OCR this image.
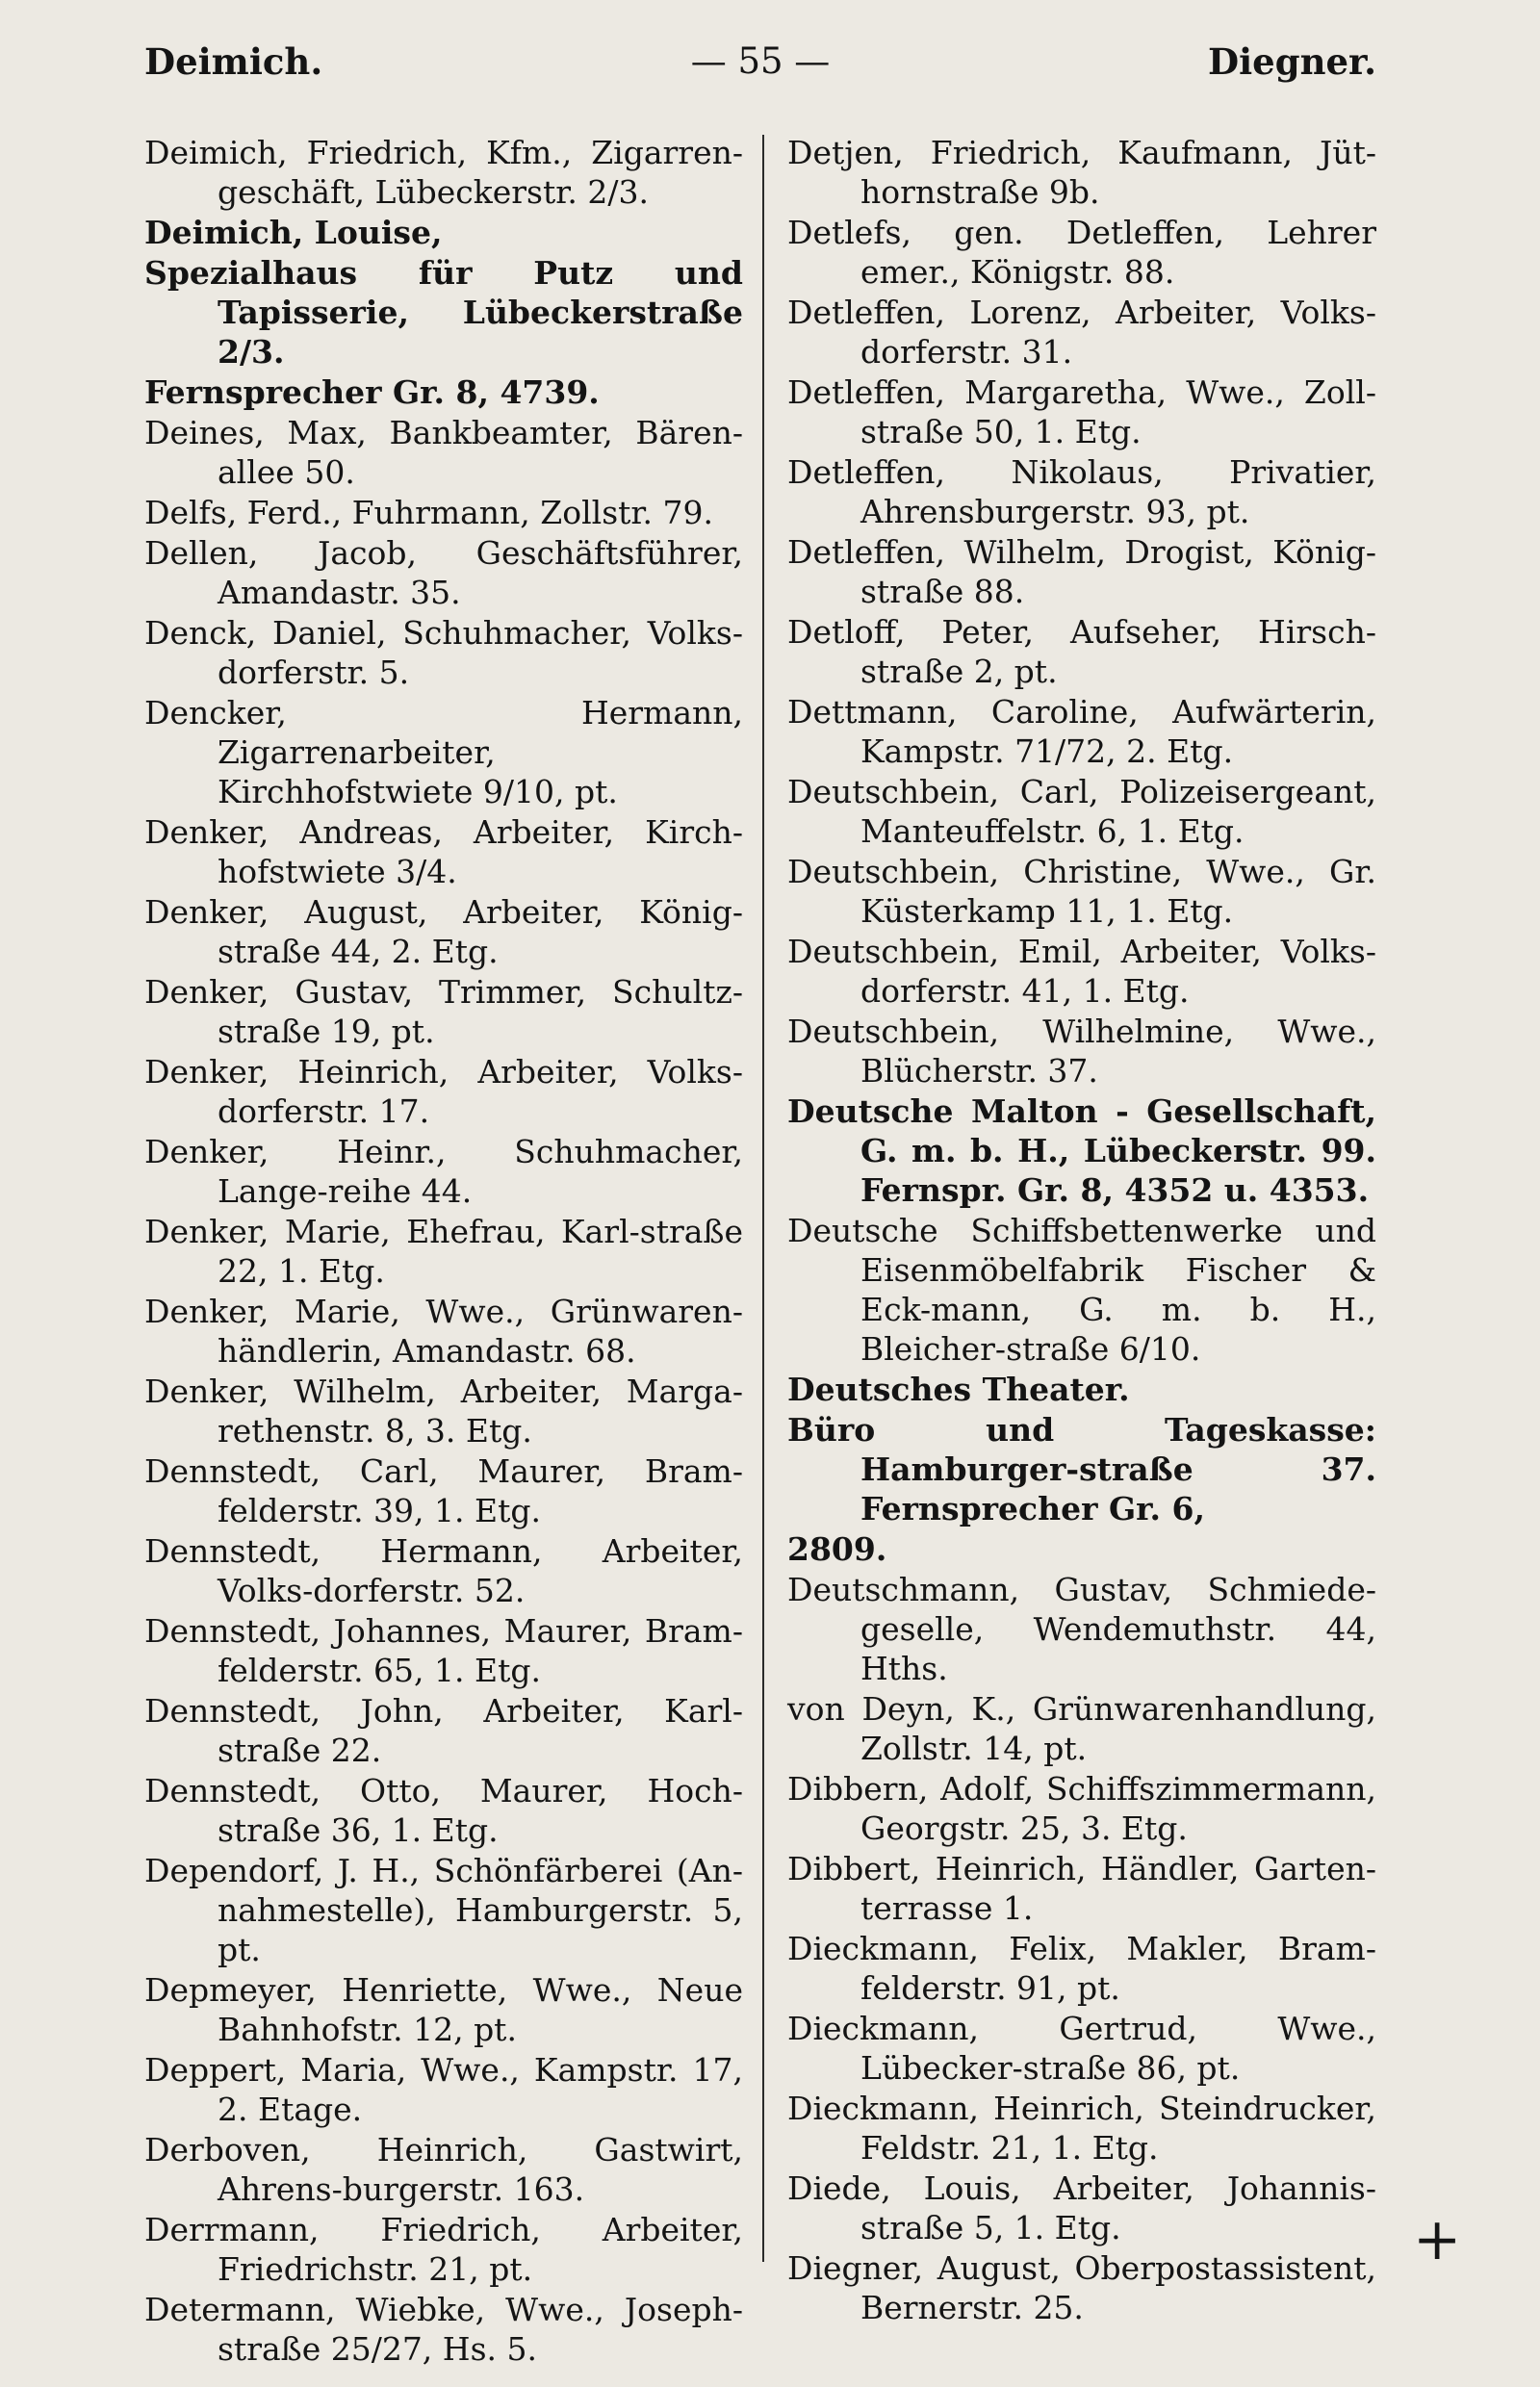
Deimich.	— 55 —	Diegner.
Deimich, Friedrich, Kfm., Zigarren-geschäft, Lübeckerstr. 2/3.
Deimich, Louise,
Spezialhaus für Putz und Tapisserie, Lübeckerstraße 2/3.
Fernsprecher Gr. 8, 4739.
Deines, Max, Bankbeamter, Bären-allee 50.
Delfs, Ferd., Fuhrmann, Zollstr. 79.
Dellen, Jacob, Geschäftsführer, Amandastr. 35.
Denck, Daniel, Schuhmacher, Volks-dorferstr. 5.
Dencker, Hermann, Zigarrenarbeiter, Kirchhofstwiete 9/10, pt.
Denker, Andreas, Arbeiter, Kirch-hofstwiete 3/4.
Denker, August, Arbeiter, König-straße 44, 2. Etg.
Denker, Gustav, Trimmer, Schultz-straße 19, pt.
Denker, Heinrich, Arbeiter, Volks-dorferstr. 17.
Denker, Heinr., Schuhmacher, Lange-reihe 44.
Denker, Marie, Ehefrau, Karl-straße 22, 1. Etg.
Denker, Marie, Wwe., Grünwaren-händlerin, Amandastr. 68.
Denker, Wilhelm, Arbeiter, Marga-rethenstr. 8, 3. Etg.
Dennstedt, Carl, Maurer, Bram-felderstr. 39, 1. Etg.
Dennstedt, Hermann, Arbeiter, Volks-dorferstr. 52.
Dennstedt, Johannes, Maurer, Bram-felderstr. 65, 1. Etg.
Dennstedt, John, Arbeiter, Karl-straße 22.
Dennstedt, Otto, Maurer, Hoch-straße 36, 1. Etg.
Dependorf, J. H., Schönfärberei (An-nahmestelle), Hamburgerstr. 5, pt.
Depmeyer, Henriette, Wwe., Neue Bahnhofstr. 12, pt.
Deppert, Maria, Wwe., Kampstr. 17, 2. Etage.
Derboven, Heinrich, Gastwirt, Ahrens-burgerstr. 163.
Derrmann, Friedrich, Arbeiter, Friedrichstr. 21, pt.
Determann, Wiebke, Wwe., Joseph-straße 25/27, Hs. 5.
Detjen, Friedrich, Kaufmann, Jüt-hornstraße 9b.
Detlefs, gen. Detleffen, Lehrer emer., Königstr. 88.
Detleffen, Lorenz, Arbeiter, Volks-dorferstr. 31.
Detleffen, Margaretha, Wwe., Zoll-straße 50, 1. Etg.
Detleffen, Nikolaus, Privatier, Ahrensburgerstr. 93, pt.
Detleffen, Wilhelm, Drogist, König-straße 88.
Detloff, Peter, Aufseher, Hirsch-straße 2, pt.
Dettmann, Caroline, Aufwärterin, Kampstr. 71/72, 2. Etg.
Deutschbein, Carl, Polizeisergeant, Manteuffelstr. 6, 1. Etg.
Deutschbein, Christine, Wwe., Gr. Küsterkamp 11, 1. Etg.
Deutschbein, Emil, Arbeiter, Volks-dorferstr. 41, 1. Etg.
Deutschbein, Wilhelmine, Wwe., Blücherstr. 37.
Deutsche Malton - Gesellschaft, G. m. b. H., Lübeckerstr. 99. Fernspr. Gr. 8, 4352 u. 4353.
Deutsche Schiffsbettenwerke und Eisenmöbelfabrik Fischer & Eck-mann, G. m. b. H., Bleicher-straße 6/10.
Deutsches Theater.
Büro und Tageskasse: Hamburger-straße 37. Fernsprecher Gr. 6,
2809.
Deutschmann, Gustav, Schmiede-geselle, Wendemuthstr. 44, Hths.
von Deyn, K., Grünwarenhandlung, Zollstr. 14, pt.
Dibbern, Adolf, Schiffszimmermann, Georgstr. 25, 3. Etg.
Dibbert, Heinrich, Händler, Garten-terrasse 1.
Dieckmann, Felix, Makler, Bram-felderstr. 91, pt.
Dieckmann, Gertrud, Wwe., Lübecker-straße 86, pt.
Dieckmann, Heinrich, Steindrucker, Feldstr. 21, 1. Etg.
Diede, Louis, Arbeiter, Johannis-straße 5, 1. Etg.
Diegner, August, Oberpostassistent, Bernerstr. 25.
+
